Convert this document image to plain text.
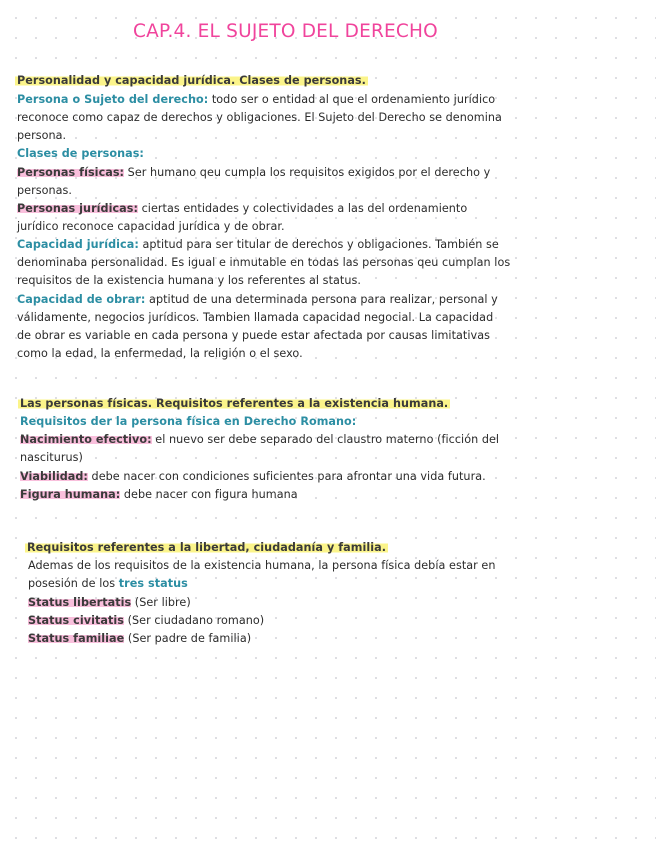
CAP.4. EL SUJETO DEL DERECHO
Personalidad y capacidad jurídica. Clases de personas.
Persona o Sujeto del derecho: todo ser o entidad al que el ordenamiento jurídico
reconoce como capaz de derechos y obligaciones. El Sujeto del Derecho se denomina
persona.
Clases de personas:
Personas físicas: Ser humano qeu cumpla los requisitos exigidos por el derecho y
personas.
Personas jurídicas: ciertas entidades y colectividades a las del ordenamiento
jurídico reconoce capacidad jurídica y de obrar.
Capacidad jurídica: aptitud para ser titular de derechos y obligaciones. También se
denominaba personalidad. Es igual e inmutable en todas las personas qeu cumplan los
requisitos de la existencia humana y los referentes al status.
Capacidad de obrar: aptitud de una determinada persona para realizar, personal y
válidamente, negocios jurídicos. Tambien llamada capacidad negocial. La capacidad
de obrar es variable en cada persona y puede estar afectada por causas limitativas
como la edad, la enfermedad, la religión o el sexo.
Las personas físicas. Requisitos referentes a la existencia humana.
Requisitos der la persona física en Derecho Romano:
Nacimiento efectivo: el nuevo ser debe separado del claustro materno (ficción del
nasciturus)
Viabilidad: debe nacer con condiciones suficientes para afrontar una vida futura.
Figura humana: debe nacer con figura humana
Requisitos referentes a la libertad, ciudadanía y familia.
Ademas de los requisitos de la existencia humana, la persona física debía estar en
posesión de los tres status
Status libertatis (Ser libre)
Status civitatis (Ser ciudadano romano)
Status familiae (Ser padre de familia)
